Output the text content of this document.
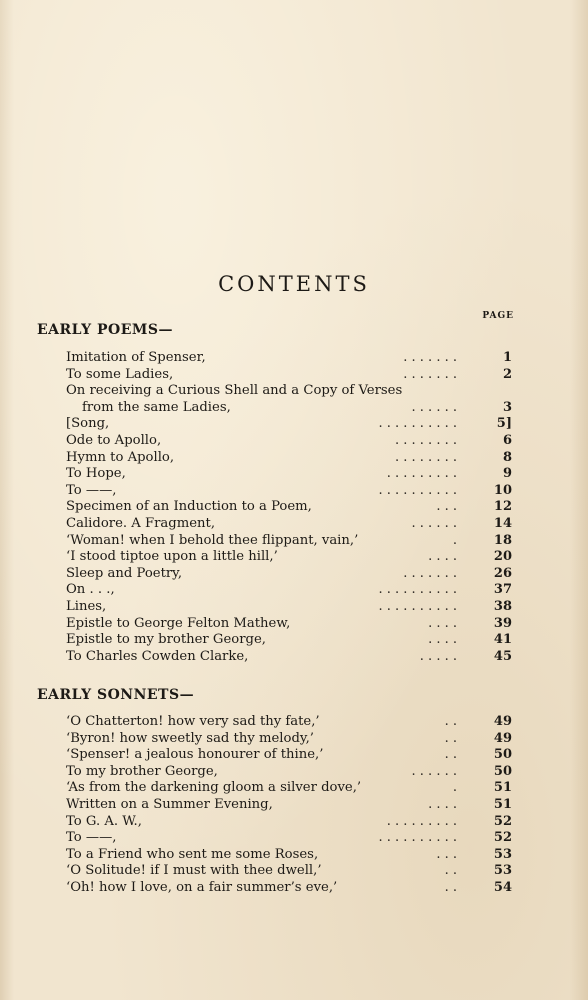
CONTENTS
PAGE
EARLY POEMS—
Imitation of Spenser,	. . . . . . .	1
To some Ladies,	. . . . . . .	2
On receiving a Curious Shell and a Copy of Verses
from the same Ladies,	. . . . . .	3
[Song,	. . . . . . . . . .	5]
Ode to Apollo,	. . . . . . . .	6
Hymn to Apollo,	. . . . . . . .	8
To Hope,	. . . . . . . . .	9
To ——,	. . . . . . . . . .	10
Specimen of an Induction to a Poem,	. . .	12
Calidore. A Fragment,	. . . . . .	14
‘Woman! when I behold thee flippant, vain,’	.	18
‘I stood tiptoe upon a little hill,’	. . . .	20
Sleep and Poetry,	. . . . . . .	26
On . . .,	. . . . . . . . . .	37
Lines,	. . . . . . . . . .	38
Epistle to George Felton Mathew,	. . . .	39
Epistle to my brother George,	. . . .	41
To Charles Cowden Clarke,	. . . . .	45
EARLY SONNETS—
‘O Chatterton! how very sad thy fate,’	. .	49
‘Byron! how sweetly sad thy melody,’	. .	49
‘Spenser! a jealous honourer of thine,’	. .	50
To my brother George,	. . . . . .	50
‘As from the darkening gloom a silver dove,’	.	51
Written on a Summer Evening,	. . . .	51
To G. A. W.,	. . . . . . . . .	52
To ——,	. . . . . . . . . .	52
To a Friend who sent me some Roses,	. . .	53
‘O Solitude! if I must with thee dwell,’	. .	53
‘Oh! how I love, on a fair summer’s eve,’	. .	54
